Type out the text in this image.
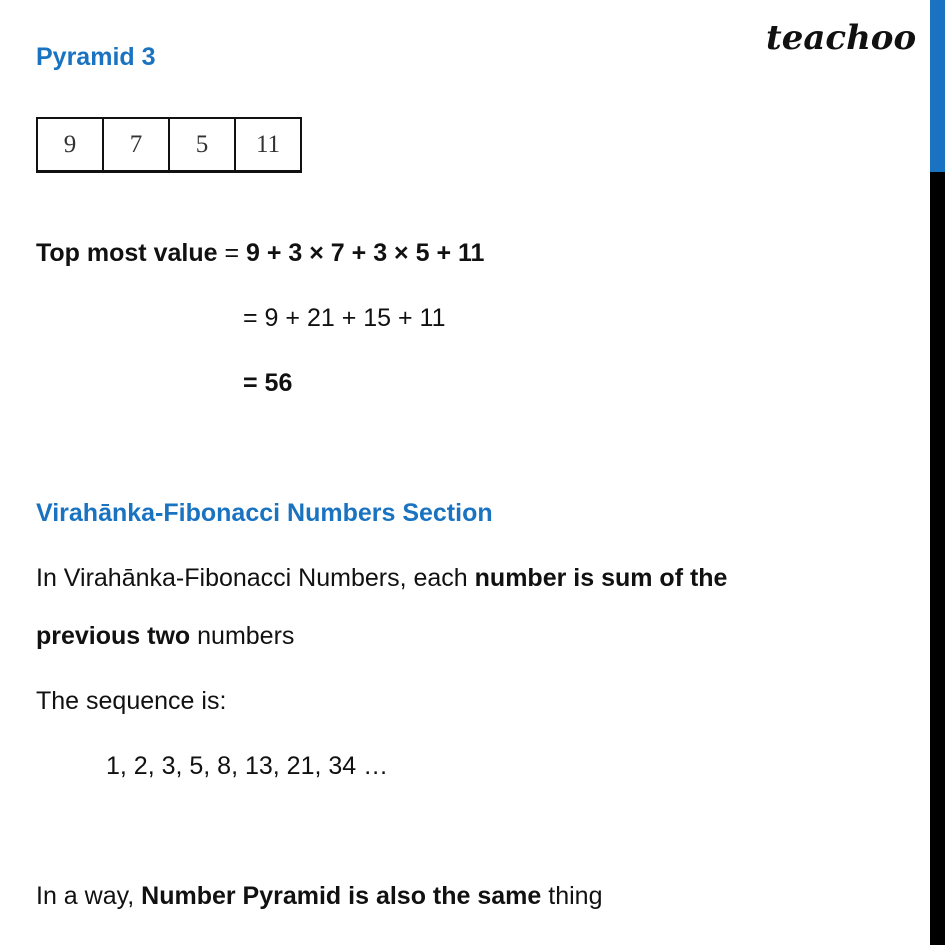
teachoo
Pyramid 3
9	7	5	11
Top most value = 9 + 3 × 7 + 3 × 5 + 11
= 9 + 21 + 15 + 11
= 56
Virahānka-Fibonacci Numbers Section
In Virahānka-Fibonacci Numbers, each number is sum of the
previous two numbers
The sequence is:
1, 2, 3, 5, 8, 13, 21, 34 …
In a way, Number Pyramid is also the same thing
